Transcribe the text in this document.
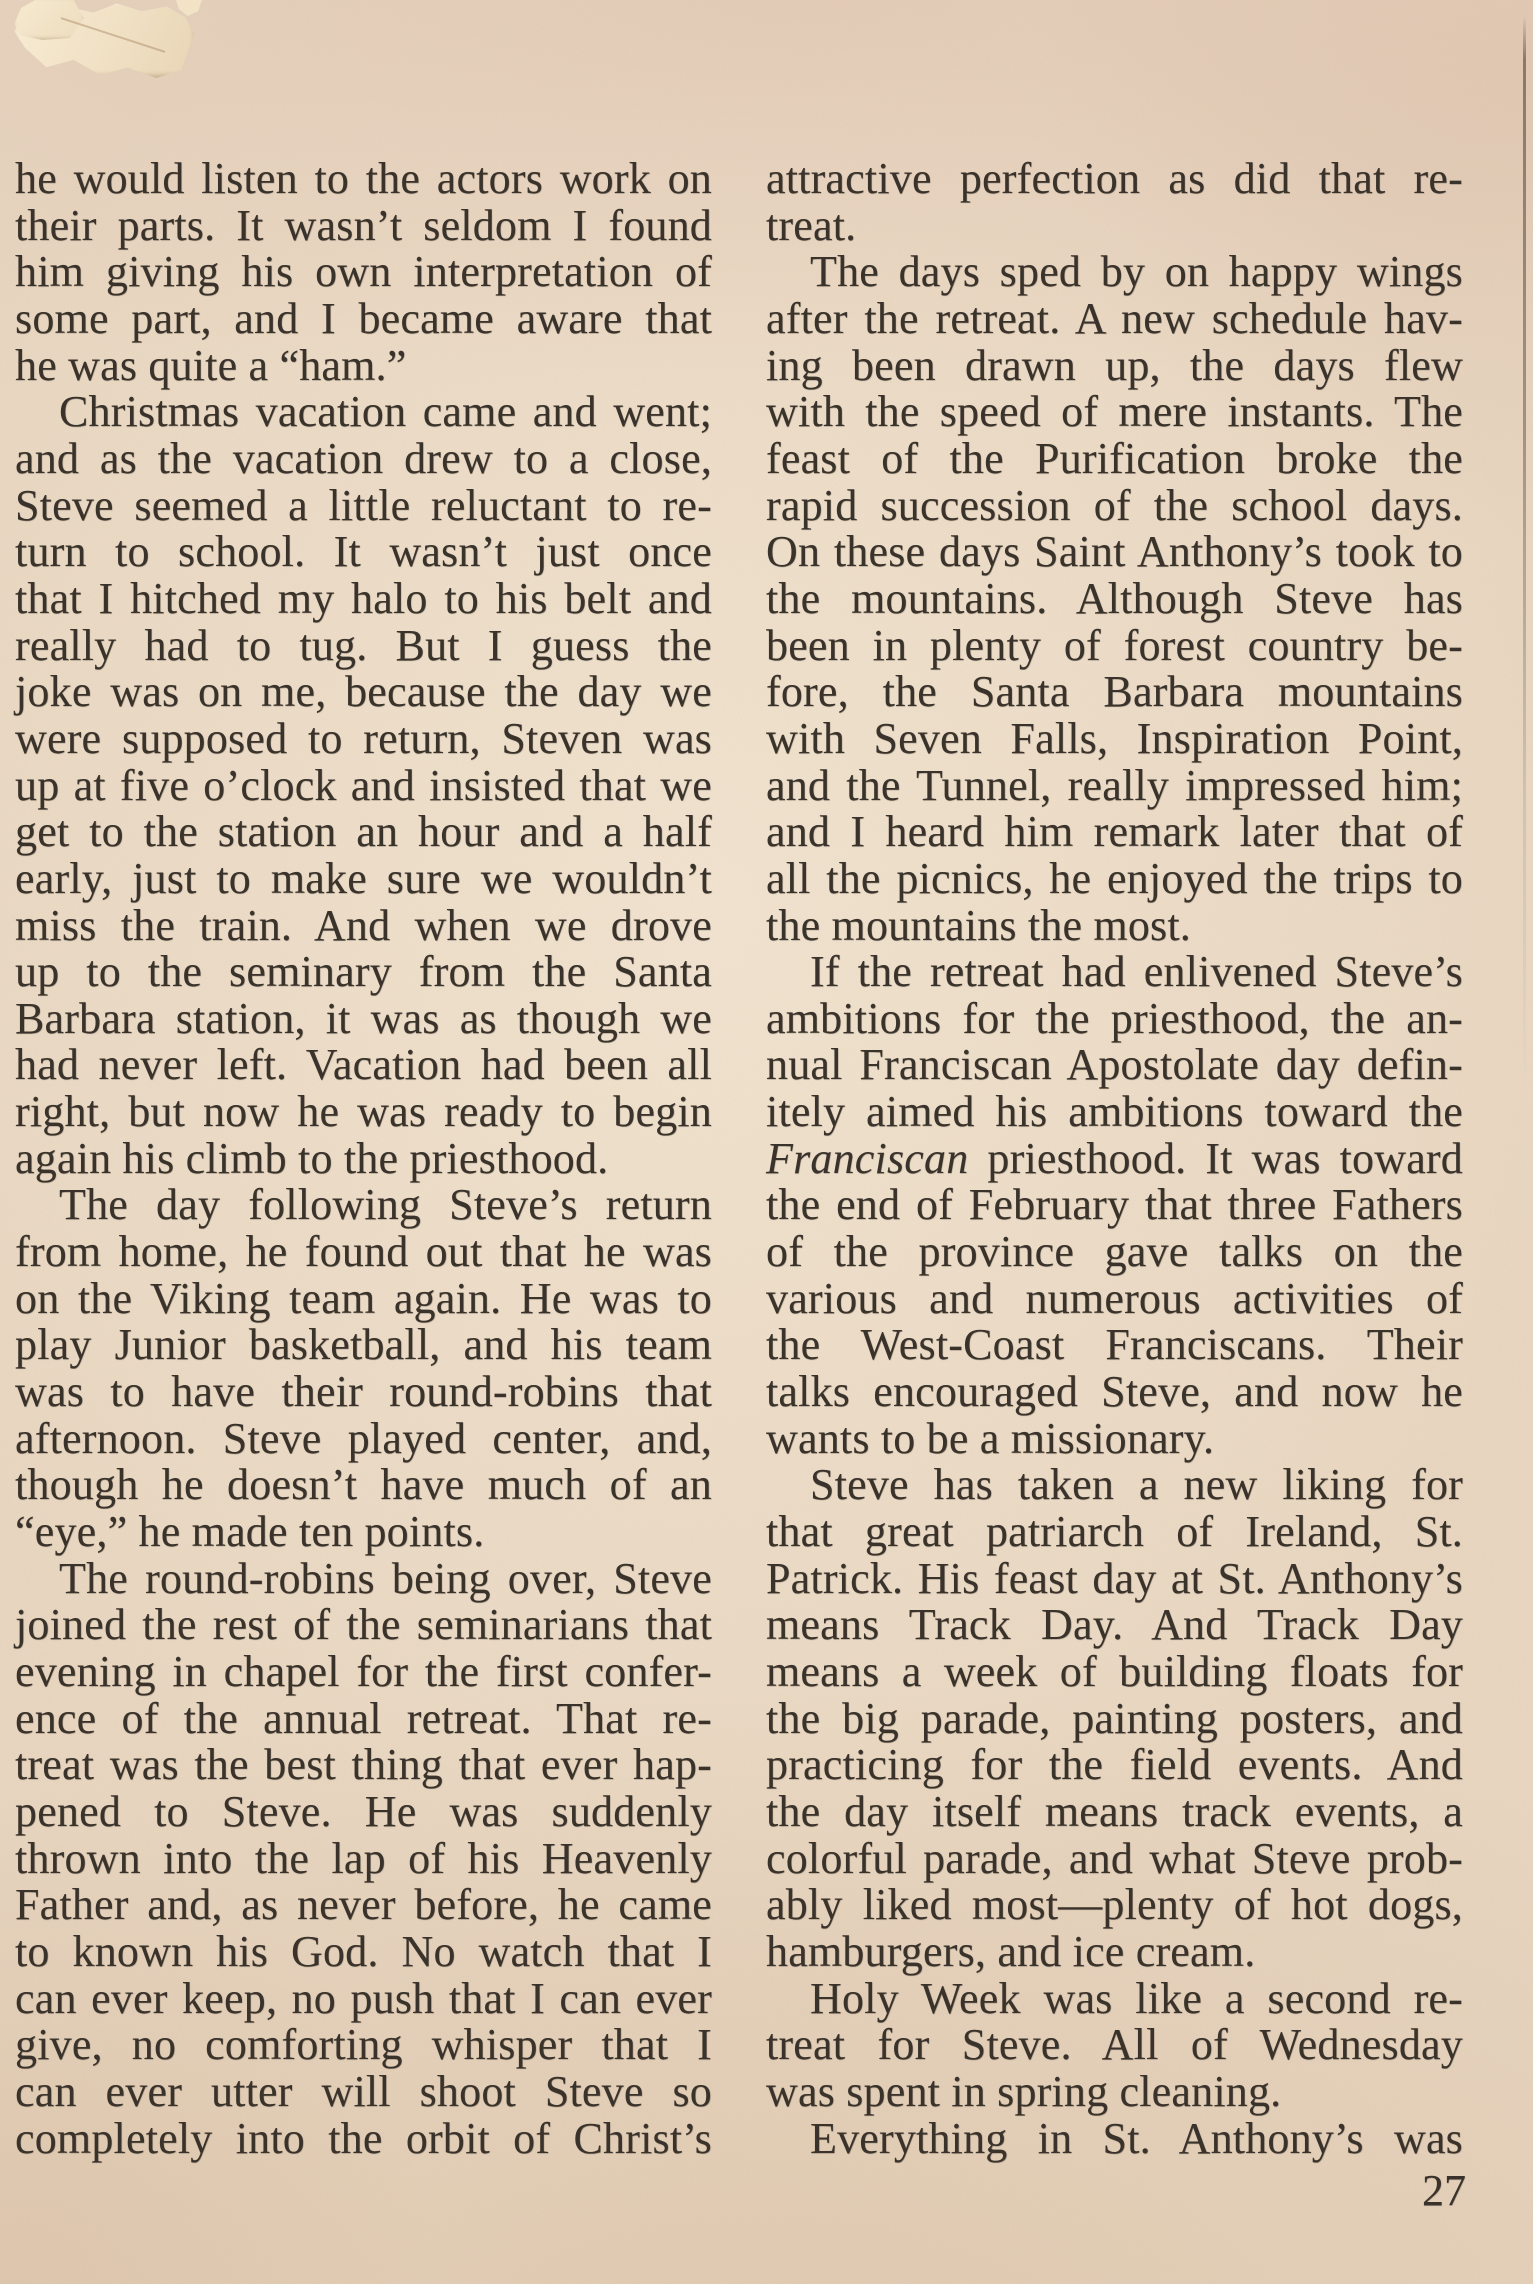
he would listen to the actors work on
their parts. It wasn’t seldom I found
him giving his own interpretation of
some part, and I became aware that
he was quite a “ham.”
Christmas vacation came and went;
and as the vacation drew to a close,
Steve seemed a little reluctant to re-
turn to school. It wasn’t just once
that I hitched my halo to his belt and
really had to tug. But I guess the
joke was on me, because the day we
were supposed to return, Steven was
up at five o’clock and insisted that we
get to the station an hour and a half
early, just to make sure we wouldn’t
miss the train. And when we drove
up to the seminary from the Santa
Barbara station, it was as though we
had never left. Vacation had been all
right, but now he was ready to begin
again his climb to the priesthood.
The day following Steve’s return
from home, he found out that he was
on the Viking team again. He was to
play Junior basketball, and his team
was to have their round-robins that
afternoon. Steve played center, and,
though he doesn’t have much of an
“eye,” he made ten points.
The round-robins being over, Steve
joined the rest of the seminarians that
evening in chapel for the first confer-
ence of the annual retreat. That re-
treat was the best thing that ever hap-
pened to Steve. He was suddenly
thrown into the lap of his Heavenly
Father and, as never before, he came
to known his God. No watch that I
can ever keep, no push that I can ever
give, no comforting whisper that I
can ever utter will shoot Steve so
completely into the orbit of Christ’s
attractive perfection as did that re-
treat.
The days sped by on happy wings
after the retreat. A new schedule hav-
ing been drawn up, the days flew
with the speed of mere instants. The
feast of the Purification broke the
rapid succession of the school days.
On these days Saint Anthony’s took to
the mountains. Although Steve has
been in plenty of forest country be-
fore, the Santa Barbara mountains
with Seven Falls, Inspiration Point,
and the Tunnel, really impressed him;
and I heard him remark later that of
all the picnics, he enjoyed the trips to
the mountains the most.
If the retreat had enlivened Steve’s
ambitions for the priesthood, the an-
nual Franciscan Apostolate day defin-
itely aimed his ambitions toward the
Franciscan priesthood. It was toward
the end of February that three Fathers
of the province gave talks on the
various and numerous activities of
the West-Coast Franciscans. Their
talks encouraged Steve, and now he
wants to be a missionary.
Steve has taken a new liking for
that great patriarch of Ireland, St.
Patrick. His feast day at St. Anthony’s
means Track Day. And Track Day
means a week of building floats for
the big parade, painting posters, and
practicing for the field events. And
the day itself means track events, a
colorful parade, and what Steve prob-
ably liked most—plenty of hot dogs,
hamburgers, and ice cream.
Holy Week was like a second re-
treat for Steve. All of Wednesday
was spent in spring cleaning.
Everything in St. Anthony’s was
27
